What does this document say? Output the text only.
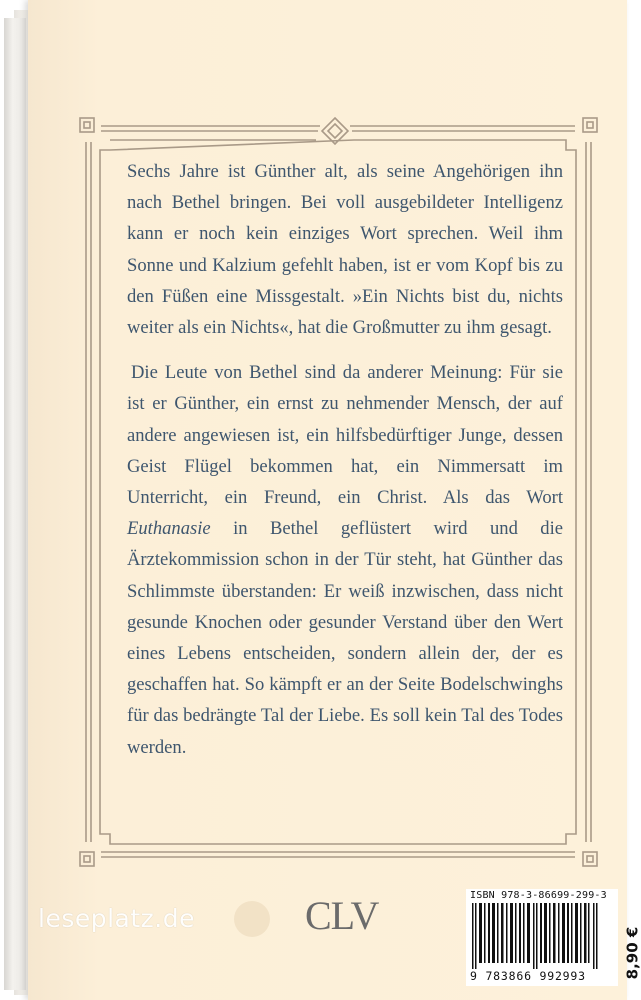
Sechs Jahre ist Günther alt, als seine Angehörigen ihn nach Bethel bringen. Bei voll ausgebildeter Intelligenz kann er noch kein einziges Wort sprechen. Weil ihm Sonne und Kalzium gefehlt haben, ist er vom Kopf bis zu den Füßen eine Missgestalt. »Ein Nichts bist du, nichts weiter als ein Nichts«, hat die Großmutter zu ihm gesagt.

Die Leute von Bethel sind da anderer Meinung: Für sie ist er Günther, ein ernst zu nehmender Mensch, der auf andere angewiesen ist, ein hilfsbedürftiger Junge, dessen Geist Flügel bekommen hat, ein Nimmersatt im Unterricht, ein Freund, ein Christ. Als das Wort Euthanasie in Bethel geflüstert wird und die Ärztekommission schon in der Tür steht, hat Günther das Schlimmste überstanden: Er weiß inzwischen, dass nicht gesunde Knochen oder gesunder Verstand über den Wert eines Lebens entscheiden, sondern allein der, der es geschaffen hat. So kämpft er an der Seite Bodelschwinghs für das bedrängte Tal der Liebe. Es soll kein Tal des Todes werden.

leseplatz.de	CLV	ISBN 978-3-86699-299-3
9 783866 992993 8,90 €
